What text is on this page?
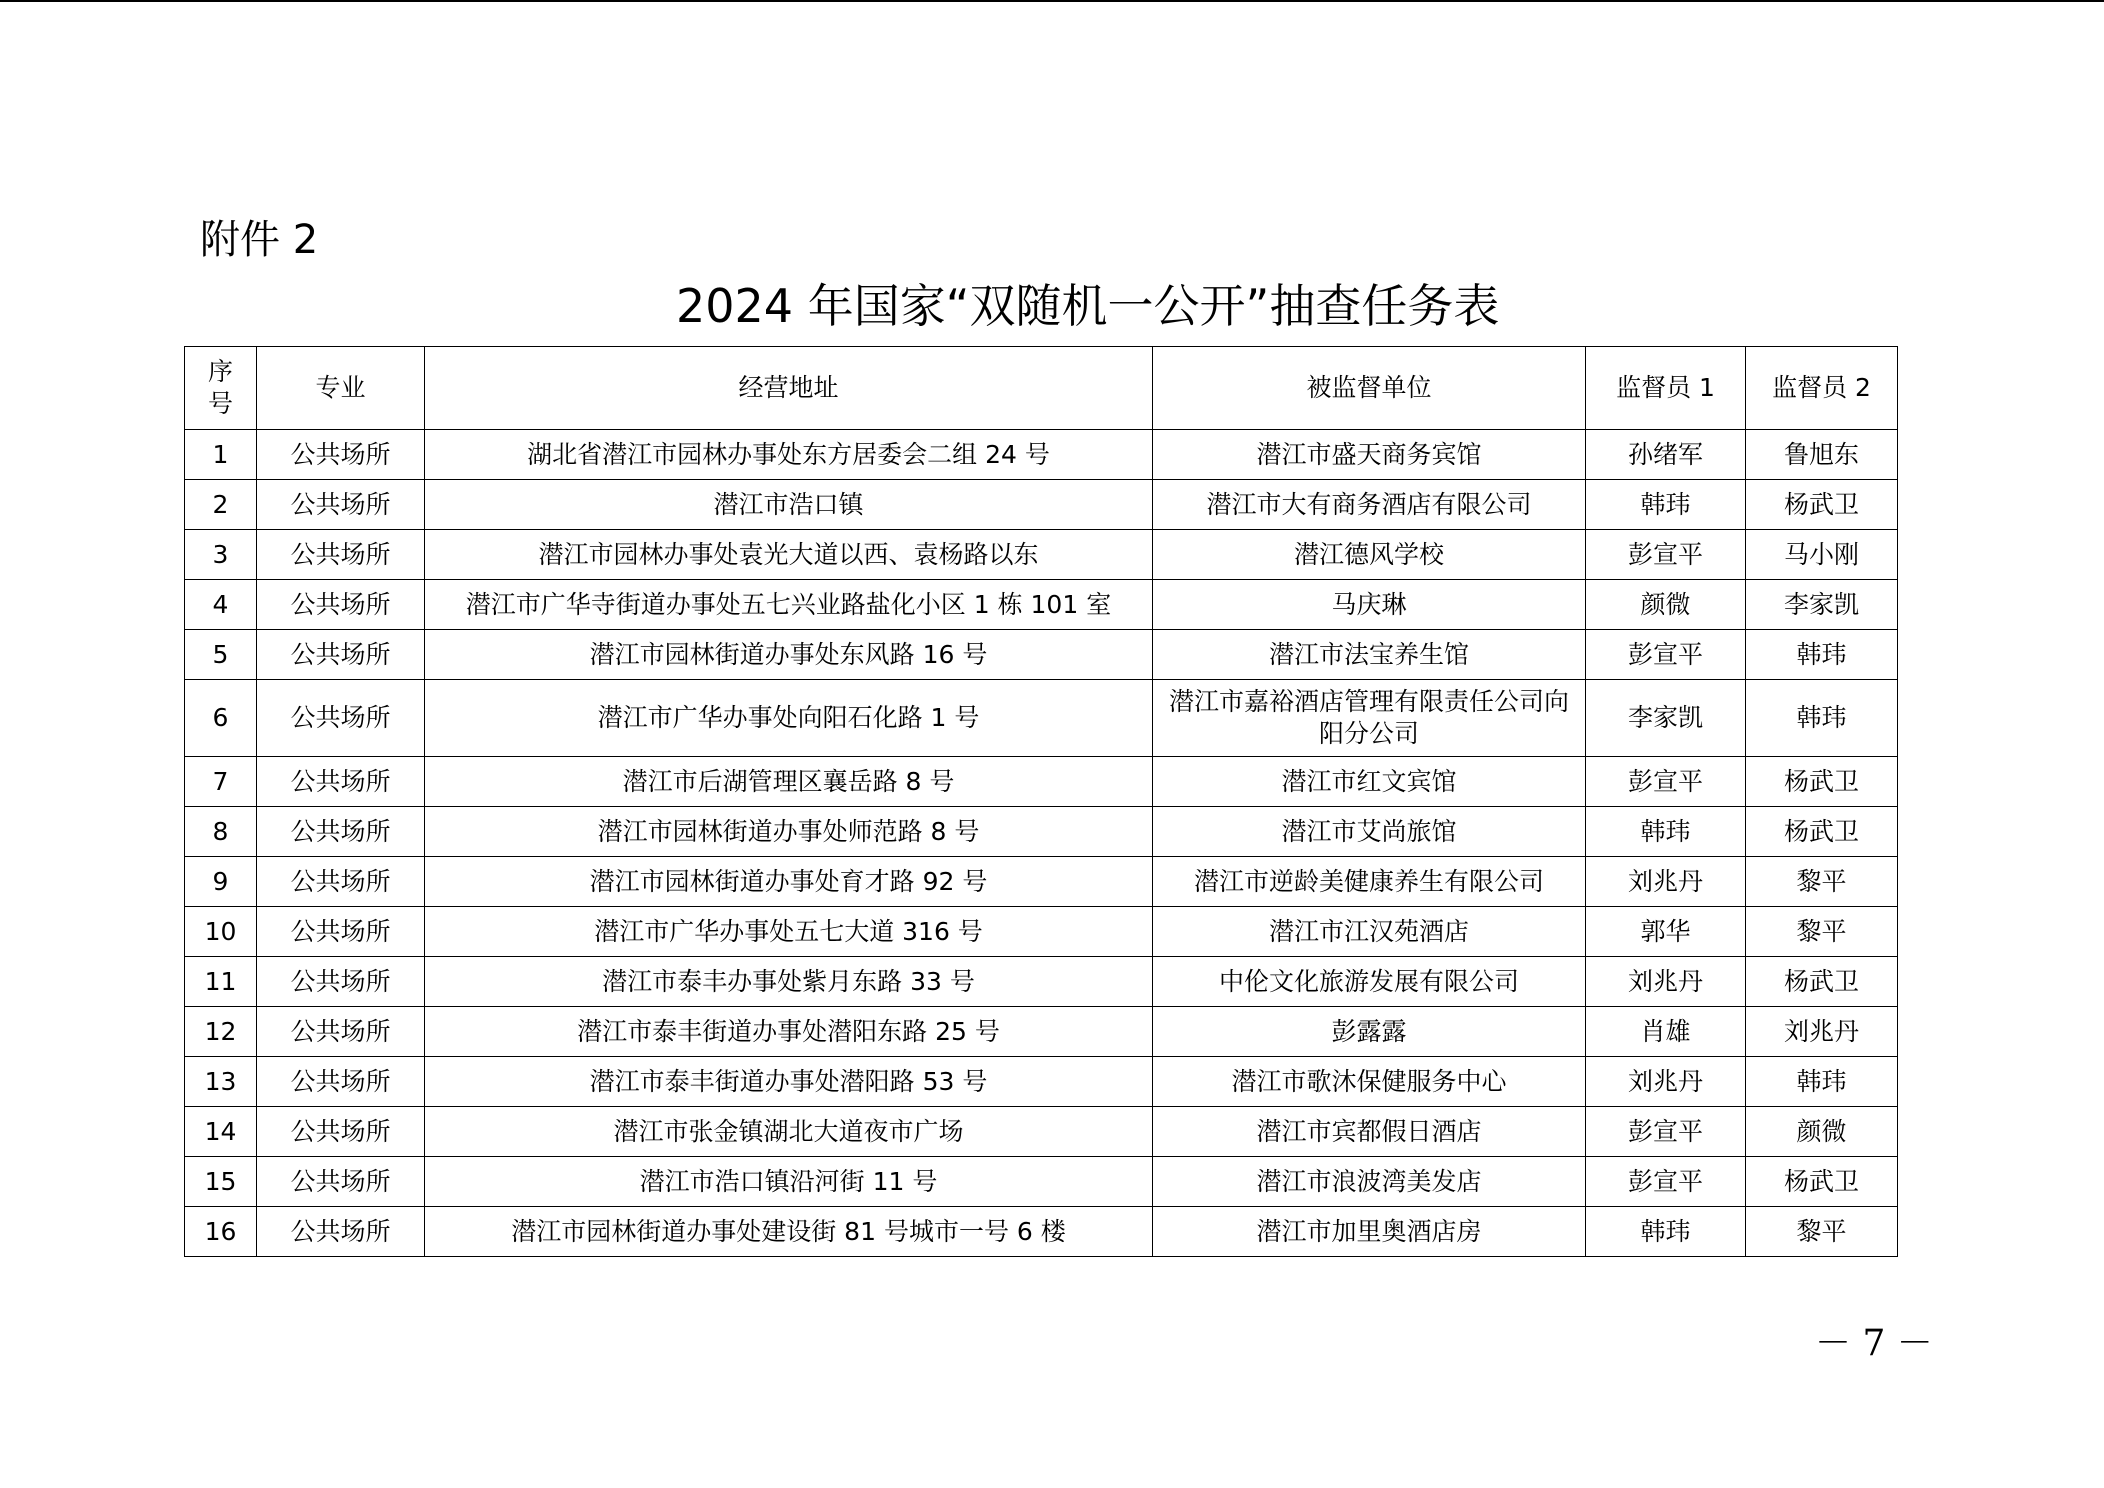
附件 2
2024 年国家“双随机一公开”抽查任务表
序号	专业	经营地址	被监督单位	监督员 1	监督员 2
1	公共场所	湖北省潜江市园林办事处东方居委会二组 24 号	潜江市盛天商务宾馆	孙绪军	鲁旭东
2	公共场所	潜江市浩口镇	潜江市大有商务酒店有限公司	韩玮	杨武卫
3	公共场所	潜江市园林办事处袁光大道以西、袁杨路以东	潜江德风学校	彭宣平	马小刚
4	公共场所	潜江市广华寺街道办事处五七兴业路盐化小区 1 栋 101 室	马庆琳	颜微	李家凯
5	公共场所	潜江市园林街道办事处东风路 16 号	潜江市法宝养生馆	彭宣平	韩玮
6	公共场所	潜江市广华办事处向阳石化路 1 号	潜江市嘉裕酒店管理有限责任公司向阳分公司	李家凯	韩玮
7	公共场所	潜江市后湖管理区襄岳路 8 号	潜江市红文宾馆	彭宣平	杨武卫
8	公共场所	潜江市园林街道办事处师范路 8 号	潜江市艾尚旅馆	韩玮	杨武卫
9	公共场所	潜江市园林街道办事处育才路 92 号	潜江市逆龄美健康养生有限公司	刘兆丹	黎平
10	公共场所	潜江市广华办事处五七大道 316 号	潜江市江汉苑酒店	郭华	黎平
11	公共场所	潜江市泰丰办事处紫月东路 33 号	中伦文化旅游发展有限公司	刘兆丹	杨武卫
12	公共场所	潜江市泰丰街道办事处潜阳东路 25 号	彭露露	肖雄	刘兆丹
13	公共场所	潜江市泰丰街道办事处潜阳路 53 号	潜江市歌沐保健服务中心	刘兆丹	韩玮
14	公共场所	潜江市张金镇湖北大道夜市广场	潜江市宾都假日酒店	彭宣平	颜微
15	公共场所	潜江市浩口镇沿河街 11 号	潜江市浪波湾美发店	彭宣平	杨武卫
16	公共场所	潜江市园林街道办事处建设街 81 号城市一号 6 楼	潜江市加里奥酒店房	韩玮	黎平
－ 7 －
